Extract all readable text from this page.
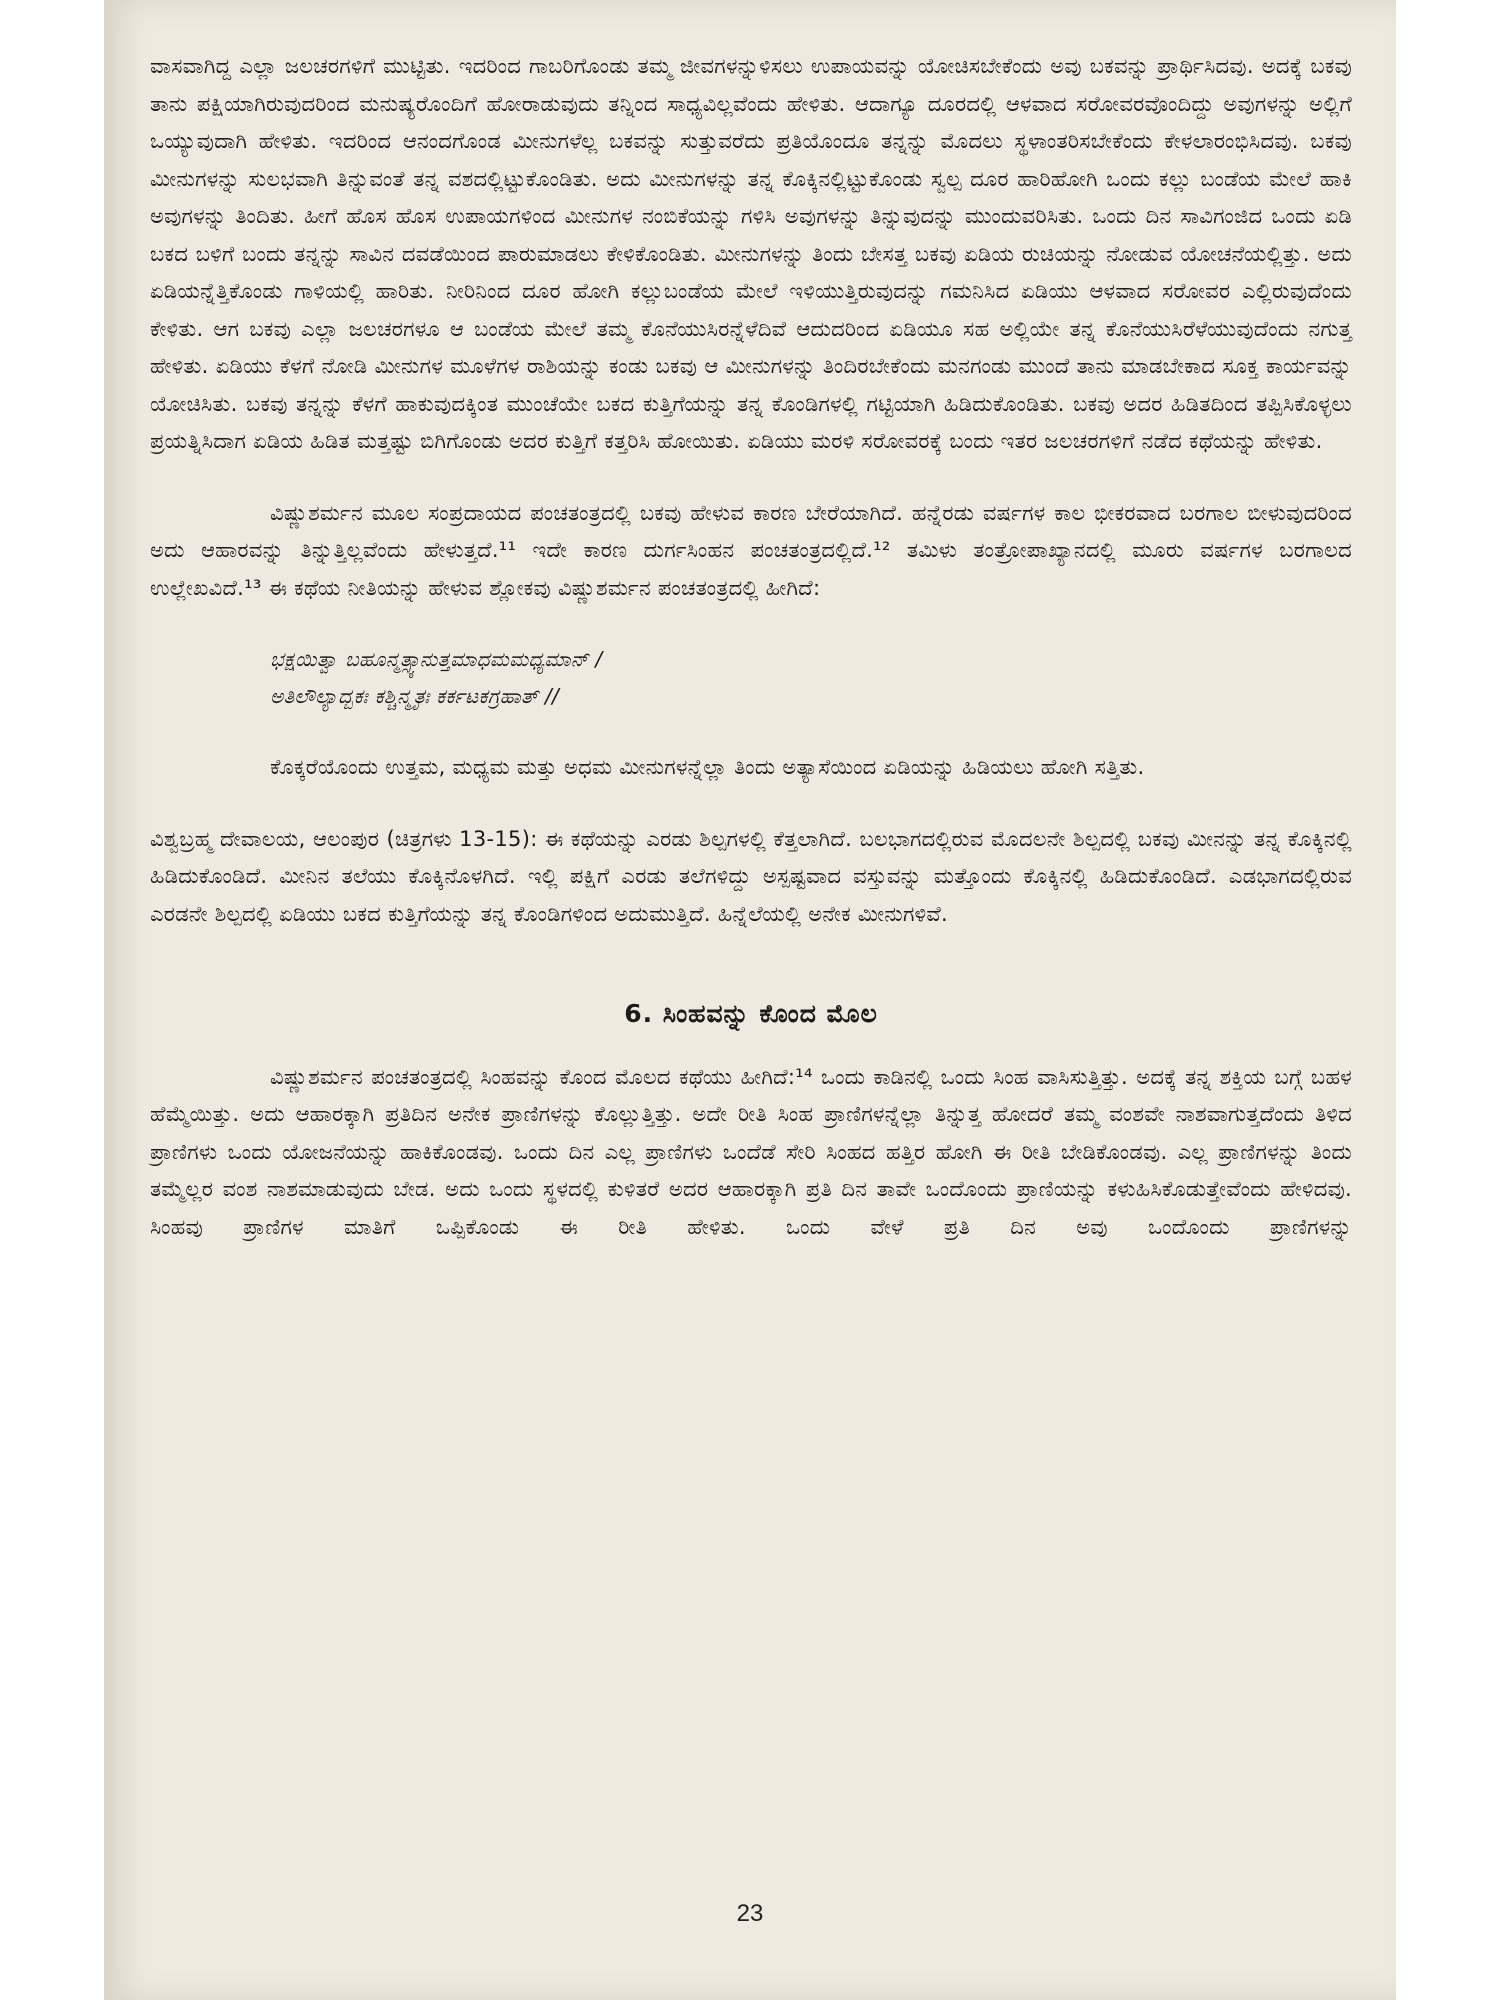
ವಾಸವಾಗಿದ್ದ ಎಲ್ಲಾ ಜಲಚರಗಳಿಗೆ ಮುಟ್ಟಿತು. ಇದರಿಂದ ಗಾಬರಿಗೊಂಡು ತಮ್ಮ ಜೀವಗಳನ್ನುಳಿಸಲು ಉಪಾಯವನ್ನು ಯೋಚಿಸಬೇಕೆಂದು ಅವು ಬಕವನ್ನು ಪ್ರಾರ್ಥಿಸಿದವು. ಅದಕ್ಕೆ ಬಕವು ತಾನು ಪಕ್ಷಿಯಾಗಿರುವುದರಿಂದ ಮನುಷ್ಯರೊಂದಿಗೆ ಹೋರಾಡುವುದು ತನ್ನಿಂದ ಸಾಧ್ಯವಿಲ್ಲವೆಂದು ಹೇಳಿತು. ಆದಾಗ್ಯೂ ದೂರದಲ್ಲಿ ಆಳವಾದ ಸರೋವರವೊಂದಿದ್ದು ಅವುಗಳನ್ನು ಅಲ್ಲಿಗೆ ಒಯ್ಯುವುದಾಗಿ ಹೇಳಿತು. ಇದರಿಂದ ಆನಂದಗೊಂಡ ಮೀನುಗಳೆಲ್ಲ ಬಕವನ್ನು ಸುತ್ತುವರೆದು ಪ್ರತಿಯೊಂದೂ ತನ್ನನ್ನು ಮೊದಲು ಸ್ಥಳಾಂತರಿಸಬೇಕೆಂದು ಕೇಳಲಾರಂಭಿಸಿದವು. ಬಕವು ಮೀನುಗಳನ್ನು ಸುಲಭವಾಗಿ ತಿನ್ನುವಂತೆ ತನ್ನ ವಶದಲ್ಲಿಟ್ಟುಕೊಂಡಿತು. ಅದು ಮೀನುಗಳನ್ನು ತನ್ನ ಕೊಕ್ಕಿನಲ್ಲಿಟ್ಟುಕೊಂಡು ಸ್ವಲ್ಪ ದೂರ ಹಾರಿಹೋಗಿ ಒಂದು ಕಲ್ಲು ಬಂಡೆಯ ಮೇಲೆ ಹಾಕಿ ಅವುಗಳನ್ನು ತಿಂದಿತು. ಹೀಗೆ ಹೊಸ ಹೊಸ ಉಪಾಯಗಳಿಂದ ಮೀನುಗಳ ನಂಬಿಕೆಯನ್ನು ಗಳಿಸಿ ಅವುಗಳನ್ನು ತಿನ್ನುವುದನ್ನು ಮುಂದುವರಿಸಿತು. ಒಂದು ದಿನ ಸಾವಿಗಂಜಿದ ಒಂದು ಏಡಿ ಬಕದ ಬಳಿಗೆ ಬಂದು ತನ್ನನ್ನು ಸಾವಿನ ದವಡೆಯಿಂದ ಪಾರುಮಾಡಲು ಕೇಳಿಕೊಂಡಿತು. ಮೀನುಗಳನ್ನು ತಿಂದು ಬೇಸತ್ತ ಬಕವು ಏಡಿಯ ರುಚಿಯನ್ನು ನೋಡುವ ಯೋಚನೆಯಲ್ಲಿತ್ತು. ಅದು ಏಡಿಯನ್ನೆತ್ತಿಕೊಂಡು ಗಾಳಿಯಲ್ಲಿ ಹಾರಿತು. ನೀರಿನಿಂದ ದೂರ ಹೋಗಿ ಕಲ್ಲುಬಂಡೆಯ ಮೇಲೆ ಇಳಿಯುತ್ತಿರುವುದನ್ನು ಗಮನಿಸಿದ ಏಡಿಯು ಆಳವಾದ ಸರೋವರ ಎಲ್ಲಿರುವುದೆಂದು ಕೇಳಿತು. ಆಗ ಬಕವು ಎಲ್ಲಾ ಜಲಚರಗಳೂ ಆ ಬಂಡೆಯ ಮೇಲೆ ತಮ್ಮ ಕೊನೆಯುಸಿರನ್ನೆಳೆದಿವೆ ಆದುದರಿಂದ ಏಡಿಯೂ ಸಹ ಅಲ್ಲಿಯೇ ತನ್ನ ಕೊನೆಯುಸಿರೆಳೆಯುವುದೆಂದು ನಗುತ್ತ ಹೇಳಿತು. ಏಡಿಯು ಕೆಳಗೆ ನೋಡಿ ಮೀನುಗಳ ಮೂಳೆಗಳ ರಾಶಿಯನ್ನು ಕಂಡು ಬಕವು ಆ ಮೀನುಗಳನ್ನು ತಿಂದಿರಬೇಕೆಂದು ಮನಗಂಡು ಮುಂದೆ ತಾನು ಮಾಡಬೇಕಾದ ಸೂಕ್ತ ಕಾರ್ಯವನ್ನು ಯೋಚಿಸಿತು. ಬಕವು ತನ್ನನ್ನು ಕೆಳಗೆ ಹಾಕುವುದಕ್ಕಿಂತ ಮುಂಚೆಯೇ ಬಕದ ಕುತ್ತಿಗೆಯನ್ನು ತನ್ನ ಕೊಂಡಿಗಳಲ್ಲಿ ಗಟ್ಟಿಯಾಗಿ ಹಿಡಿದುಕೊಂಡಿತು. ಬಕವು ಅದರ ಹಿಡಿತದಿಂದ ತಪ್ಪಿಸಿಕೊಳ್ಳಲು ಪ್ರಯತ್ನಿಸಿದಾಗ ಏಡಿಯ ಹಿಡಿತ ಮತ್ತಷ್ಟು ಬಿಗಿಗೊಂಡು ಅದರ ಕುತ್ತಿಗೆ ಕತ್ತರಿಸಿ ಹೋಯಿತು. ಏಡಿಯು ಮರಳಿ ಸರೋವರಕ್ಕೆ ಬಂದು ಇತರ ಜಲಚರಗಳಿಗೆ ನಡೆದ ಕಥೆಯನ್ನು ಹೇಳಿತು.

ವಿಷ್ಣುಶರ್ಮನ ಮೂಲ ಸಂಪ್ರದಾಯದ ಪಂಚತಂತ್ರದಲ್ಲಿ ಬಕವು ಹೇಳುವ ಕಾರಣ ಬೇರೆಯಾಗಿದೆ. ಹನ್ನೆರಡು ವರ್ಷಗಳ ಕಾಲ ಭೀಕರವಾದ ಬರಗಾಲ ಬೀಳುವುದರಿಂದ ಅದು ಆಹಾರವನ್ನು ತಿನ್ನುತ್ತಿಲ್ಲವೆಂದು ಹೇಳುತ್ತದೆ.¹¹ ಇದೇ ಕಾರಣ ದುರ್ಗಸಿಂಹನ ಪಂಚತಂತ್ರದಲ್ಲಿದೆ.¹² ತಮಿಳು ತಂತ್ರೋಪಾಖ್ಯಾನದಲ್ಲಿ ಮೂರು ವರ್ಷಗಳ ಬರಗಾಲದ ಉಲ್ಲೇಖವಿದೆ.¹³ ಈ ಕಥೆಯ ನೀತಿಯನ್ನು ಹೇಳುವ ಶ್ಲೋಕವು ವಿಷ್ಣುಶರ್ಮನ ಪಂಚತಂತ್ರದಲ್ಲಿ ಹೀಗಿದೆ:

ಭಕ್ಷಯಿತ್ವಾ ಬಹೂನ್ಮತ್ಸ್ಯಾನುತ್ತಮಾಧಮಮಧ್ಯಮಾನ್ /

ಅತಿಲೌಲ್ಯಾದ್ಬಕಃ ಕಶ್ಚಿನ್ಮೃತಃ ಕರ್ಕಟಕಗ್ರಹಾತ್ //

ಕೊಕ್ಕರೆಯೊಂದು ಉತ್ತಮ, ಮಧ್ಯಮ ಮತ್ತು ಅಧಮ ಮೀನುಗಳನ್ನೆಲ್ಲಾ ತಿಂದು ಅತ್ಯಾಸೆಯಿಂದ ಏಡಿಯನ್ನು ಹಿಡಿಯಲು ಹೋಗಿ ಸತ್ತಿತು.

ವಿಶ್ವಬ್ರಹ್ಮ ದೇವಾಲಯ, ಆಲಂಪುರ (ಚಿತ್ರಗಳು 13-15): ಈ ಕಥೆಯನ್ನು ಎರಡು ಶಿಲ್ಪಗಳಲ್ಲಿ ಕೆತ್ತಲಾಗಿದೆ. ಬಲಭಾಗದಲ್ಲಿರುವ ಮೊದಲನೇ ಶಿಲ್ಪದಲ್ಲಿ ಬಕವು ಮೀನನ್ನು ತನ್ನ ಕೊಕ್ಕಿನಲ್ಲಿ ಹಿಡಿದುಕೊಂಡಿದೆ. ಮೀನಿನ ತಲೆಯು ಕೊಕ್ಕಿನೊಳಗಿದೆ. ಇಲ್ಲಿ ಪಕ್ಷಿಗೆ ಎರಡು ತಲೆಗಳಿದ್ದು ಅಸ್ಪಷ್ಟವಾದ ವಸ್ತುವನ್ನು ಮತ್ತೊಂದು ಕೊಕ್ಕಿನಲ್ಲಿ ಹಿಡಿದುಕೊಂಡಿದೆ. ಎಡಭಾಗದಲ್ಲಿರುವ ಎರಡನೇ ಶಿಲ್ಪದಲ್ಲಿ ಏಡಿಯು ಬಕದ ಕುತ್ತಿಗೆಯನ್ನು ತನ್ನ ಕೊಂಡಿಗಳಿಂದ ಅದುಮುತ್ತಿದೆ. ಹಿನ್ನೆಲೆಯಲ್ಲಿ ಅನೇಕ ಮೀನುಗಳಿವೆ.

6. ಸಿಂಹವನ್ನು ಕೊಂದ ಮೊಲ

ವಿಷ್ಣುಶರ್ಮನ ಪಂಚತಂತ್ರದಲ್ಲಿ ಸಿಂಹವನ್ನು ಕೊಂದ ಮೊಲದ ಕಥೆಯು ಹೀಗಿದೆ:¹⁴ ಒಂದು ಕಾಡಿನಲ್ಲಿ ಒಂದು ಸಿಂಹ ವಾಸಿಸುತ್ತಿತ್ತು. ಅದಕ್ಕೆ ತನ್ನ ಶಕ್ತಿಯ ಬಗ್ಗೆ ಬಹಳ ಹೆಮ್ಮೆಯಿತ್ತು. ಅದು ಆಹಾರಕ್ಕಾಗಿ ಪ್ರತಿದಿನ ಅನೇಕ ಪ್ರಾಣಿಗಳನ್ನು ಕೊಲ್ಲುತ್ತಿತ್ತು. ಅದೇ ರೀತಿ ಸಿಂಹ ಪ್ರಾಣಿಗಳನ್ನೆಲ್ಲಾ ತಿನ್ನುತ್ತ ಹೋದರೆ ತಮ್ಮ ವಂಶವೇ ನಾಶವಾಗುತ್ತದೆಂದು ತಿಳಿದ ಪ್ರಾಣಿಗಳು ಒಂದು ಯೋಜನೆಯನ್ನು ಹಾಕಿಕೊಂಡವು. ಒಂದು ದಿನ ಎಲ್ಲ ಪ್ರಾಣಿಗಳು ಒಂದೆಡೆ ಸೇರಿ ಸಿಂಹದ ಹತ್ತಿರ ಹೋಗಿ ಈ ರೀತಿ ಬೇಡಿಕೊಂಡವು. ಎಲ್ಲ ಪ್ರಾಣಿಗಳನ್ನು ತಿಂದು ತಮ್ಮೆಲ್ಲರ ವಂಶ ನಾಶಮಾಡುವುದು ಬೇಡ. ಅದು ಒಂದು ಸ್ಥಳದಲ್ಲಿ ಕುಳಿತರೆ ಅದರ ಆಹಾರಕ್ಕಾಗಿ ಪ್ರತಿ ದಿನ ತಾವೇ ಒಂದೊಂದು ಪ್ರಾಣಿಯನ್ನು ಕಳುಹಿಸಿಕೊಡುತ್ತೇವೆಂದು ಹೇಳಿದವು. ಸಿಂಹವು ಪ್ರಾಣಿಗಳ ಮಾತಿಗೆ ಒಪ್ಪಿಕೊಂಡು ಈ ರೀತಿ ಹೇಳಿತು. ಒಂದು ವೇಳೆ ಪ್ರತಿ ದಿನ ಅವು ಒಂದೊಂದು ಪ್ರಾಣಿಗಳನ್ನು

23
